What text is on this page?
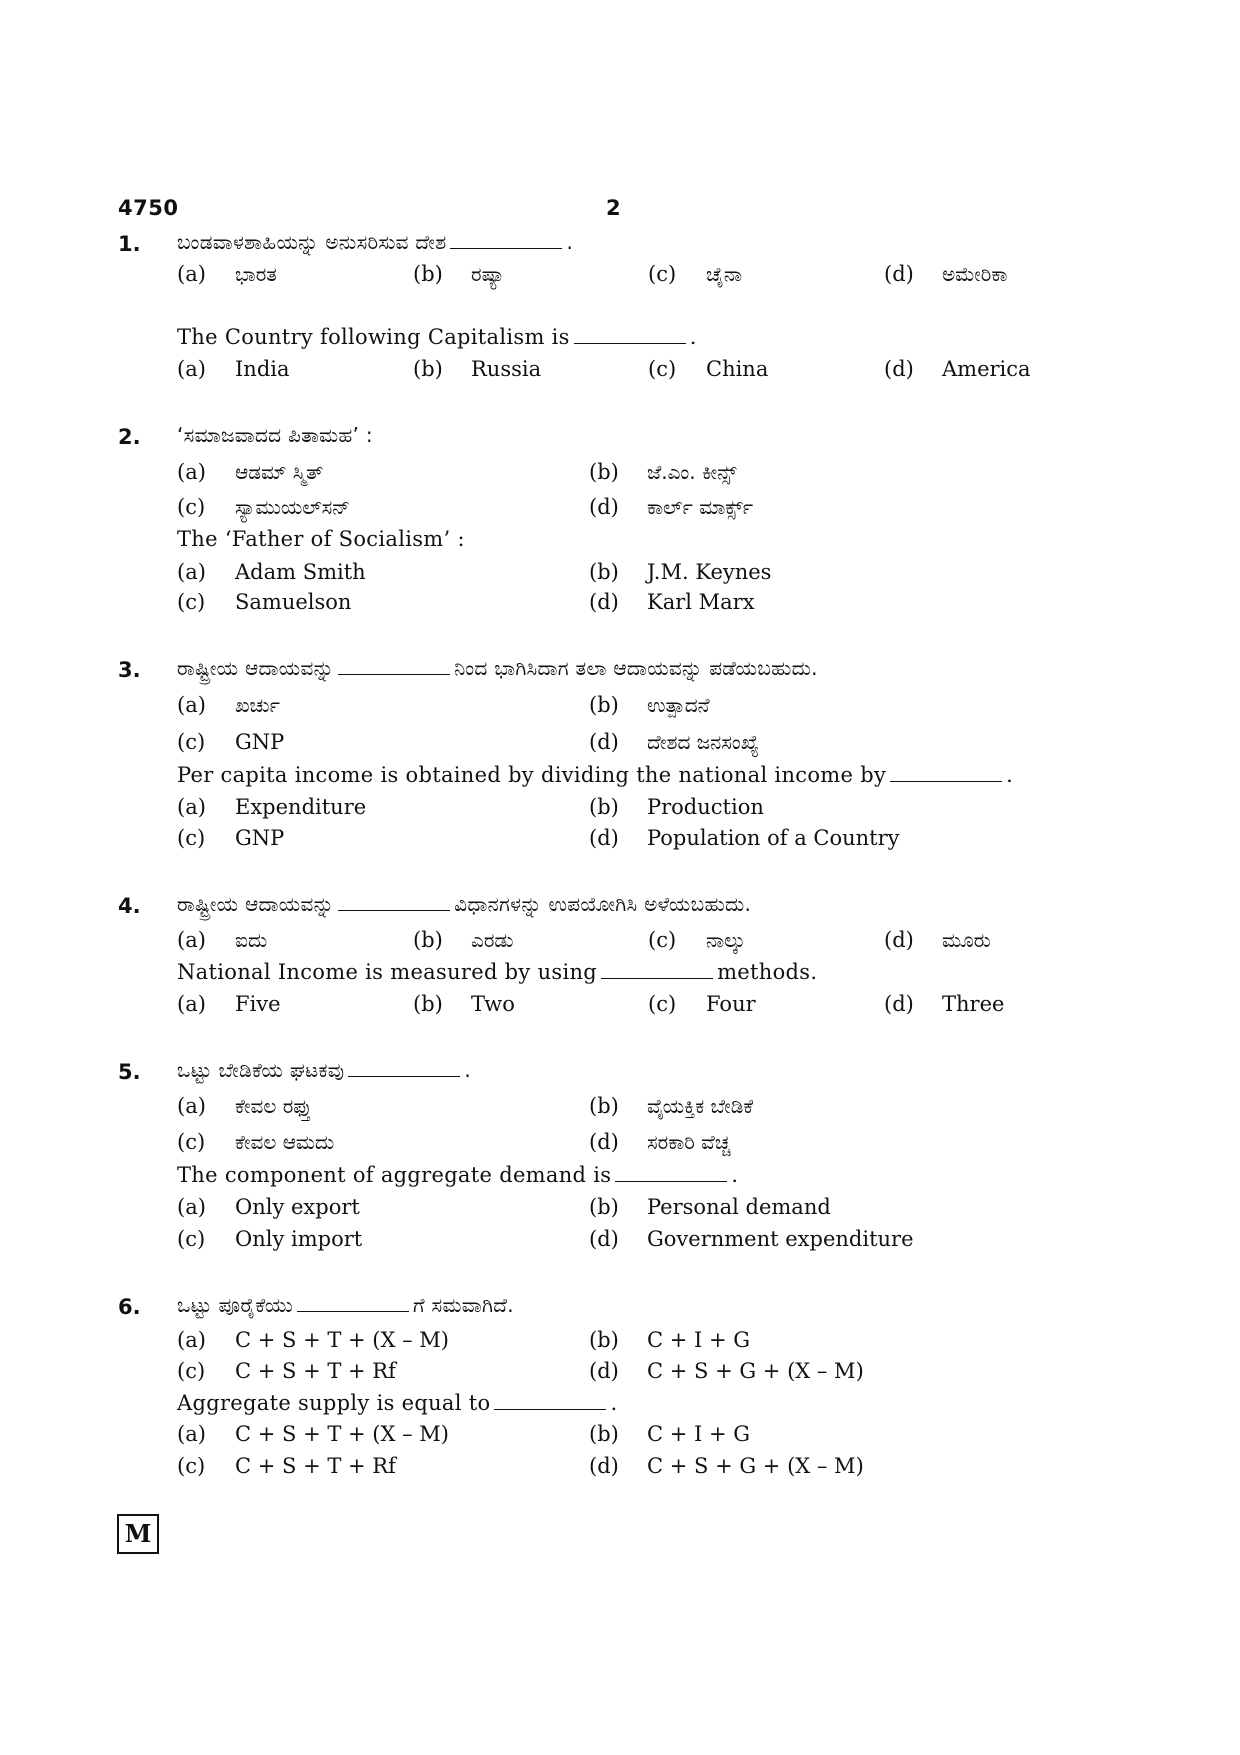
4750	2
1. ಬಂಡವಾಳಶಾಹಿಯನ್ನು ಅನುಸರಿಸುವ ದೇಶ	.
(a) ಭಾರತ	(b) ರಷ್ಯಾ	(c) ಚೈನಾ	(d) ಅಮೇರಿಕಾ
The Country following Capitalism is	.
(a) India	(b) Russia	(c) China	(d) America
2. ‘ಸಮಾಜವಾದದ ಪಿತಾಮಹ’ :
(a) ಆಡಮ್ ಸ್ಮಿತ್	(b) ಜೆ.ಎಂ. ಕೀನ್ಸ್
(c) ಸ್ಯಾಮುಯಲ್‌ಸನ್	(d) ಕಾರ್ಲ್ ಮಾರ್ಕ್ಸ್
The ‘Father of Socialism’ :
(a) Adam Smith	(b) J.M. Keynes
(c) Samuelson	(d) Karl Marx
3. ರಾಷ್ಟ್ರೀಯ ಆದಾಯವನ್ನು	ನಿಂದ ಭಾಗಿಸಿದಾಗ ತಲಾ ಆದಾಯವನ್ನು ಪಡೆಯಬಹುದು.
(a) ಖರ್ಚು	(b) ಉತ್ಪಾದನೆ
(c) GNP	(d) ದೇಶದ ಜನಸಂಖ್ಯೆ
Per capita income is obtained by dividing the national income by	.
(a) Expenditure	(b) Production
(c) GNP	(d) Population of a Country
4. ರಾಷ್ಟ್ರೀಯ ಆದಾಯವನ್ನು	ವಿಧಾನಗಳನ್ನು ಉಪಯೋಗಿಸಿ ಅಳೆಯಬಹುದು.
(a) ಐದು	(b) ಎರಡು	(c) ನಾಲ್ಕು	(d) ಮೂರು
National Income is measured by using	methods.
(a) Five	(b) Two	(c) Four	(d) Three
5. ಒಟ್ಟು ಬೇಡಿಕೆಯ ಘಟಕವು	.
(a) ಕೇವಲ ರಫ್ತು	(b) ವೈಯಕ್ತಿಕ ಬೇಡಿಕೆ
(c) ಕೇವಲ ಆಮದು	(d) ಸರಕಾರಿ ವೆಚ್ಚ
The component of aggregate demand is	.
(a) Only export	(b) Personal demand
(c) Only import	(d) Government expenditure
6. ಒಟ್ಟು ಪೂರೈಕೆಯು	ಗೆ ಸಮವಾಗಿದೆ.
(a) C + S + T + (X – M)	(b) C + I + G
(c) C + S + T + Rf	(d) C + S + G + (X – M)
Aggregate supply is equal to	.
(a) C + S + T + (X – M)	(b) C + I + G
(c) C + S + T + Rf	(d) C + S + G + (X – M)
M
